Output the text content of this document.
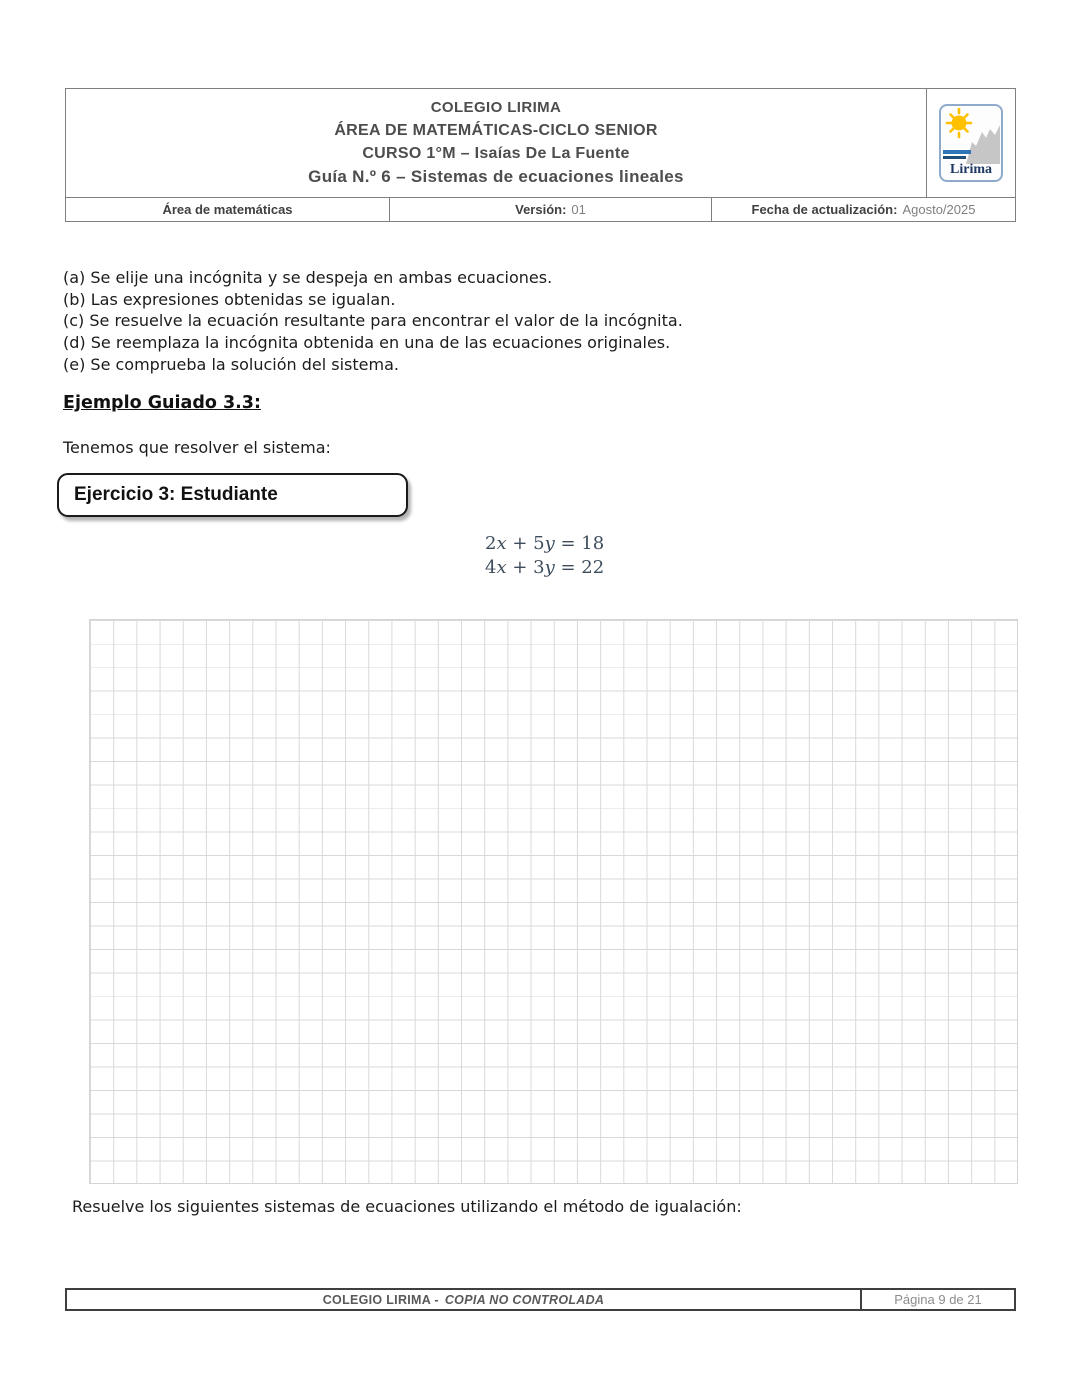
COLEGIO LIRIMA
ÁREA DE MATEMÁTICAS-CICLO SENIOR
CURSO 1°M – Isaías De La Fuente
Guía N.º 6 – Sistemas de ecuaciones lineales	Lirima
Área de matemáticas	Versión: 01	Fecha de actualización: Agosto/2025
(a) Se elije una incógnita y se despeja en ambas ecuaciones.
(b) Las expresiones obtenidas se igualan.
(c) Se resuelve la ecuación resultante para encontrar el valor de la incógnita.
(d) Se reemplaza la incógnita obtenida en una de las ecuaciones originales.
(e) Se comprueba la solución del sistema.
Ejemplo Guiado 3.3:
Tenemos que resolver el sistema:
Ejercicio 3: Estudiante
2x + 5y = 18
4x + 3y = 22
Resuelve los siguientes sistemas de ecuaciones utilizando el método de igualación:
COLEGIO LIRIMA - COPIA NO CONTROLADA	Página 9 de 21
